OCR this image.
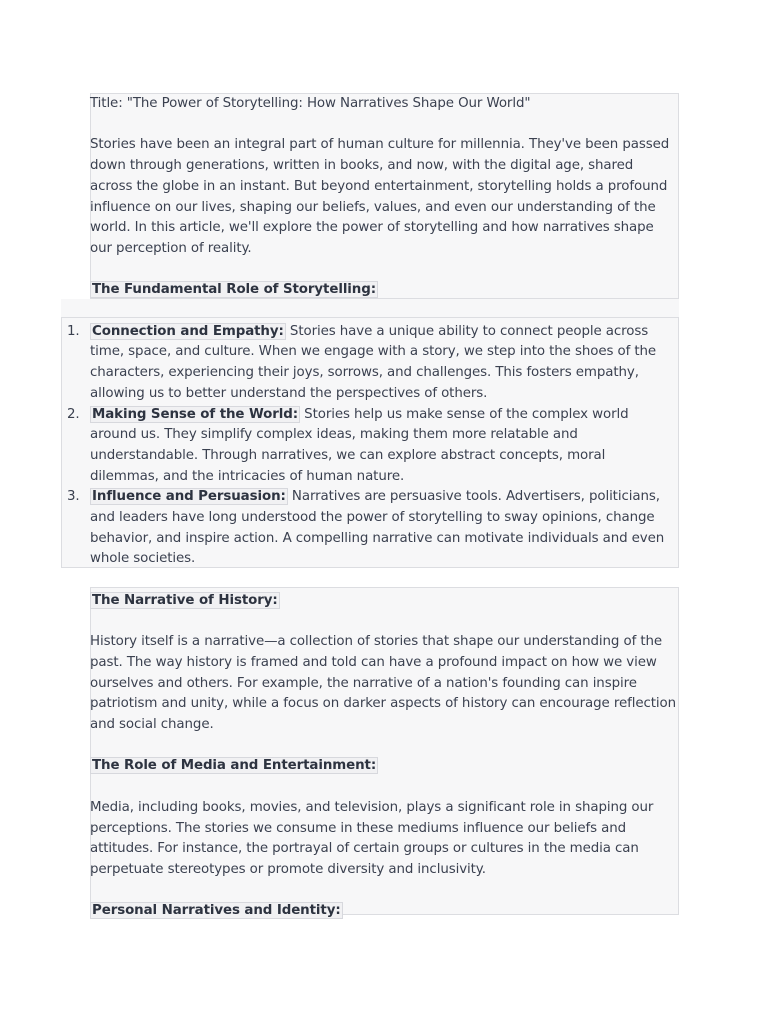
Title: "The Power of Storytelling: How Narratives Shape Our World"

Stories have been an integral part of human culture for millennia. They've been passed down through generations, written in books, and now, with the digital age, shared across the globe in an instant. But beyond entertainment, storytelling holds a profound influence on our lives, shaping our beliefs, values, and even our understanding of the world. In this article, we'll explore the power of storytelling and how narratives shape our perception of reality.

The Fundamental Role of Storytelling:
1. Connection and Empathy: Stories have a unique ability to connect people across time, space, and culture. When we engage with a story, we step into the shoes of the characters, experiencing their joys, sorrows, and challenges. This fosters empathy, allowing us to better understand the perspectives of others.
2. Making Sense of the World: Stories help us make sense of the complex world around us. They simplify complex ideas, making them more relatable and understandable. Through narratives, we can explore abstract concepts, moral dilemmas, and the intricacies of human nature.
3. Influence and Persuasion: Narratives are persuasive tools. Advertisers, politicians, and leaders have long understood the power of storytelling to sway opinions, change behavior, and inspire action. A compelling narrative can motivate individuals and even whole societies.
The Narrative of History:

History itself is a narrative—a collection of stories that shape our understanding of the past. The way history is framed and told can have a profound impact on how we view ourselves and others. For example, the narrative of a nation's founding can inspire patriotism and unity, while a focus on darker aspects of history can encourage reflection and social change.

The Role of Media and Entertainment:

Media, including books, movies, and television, plays a significant role in shaping our perceptions. The stories we consume in these mediums influence our beliefs and attitudes. For instance, the portrayal of certain groups or cultures in the media can perpetuate stereotypes or promote diversity and inclusivity.

Personal Narratives and Identity:
